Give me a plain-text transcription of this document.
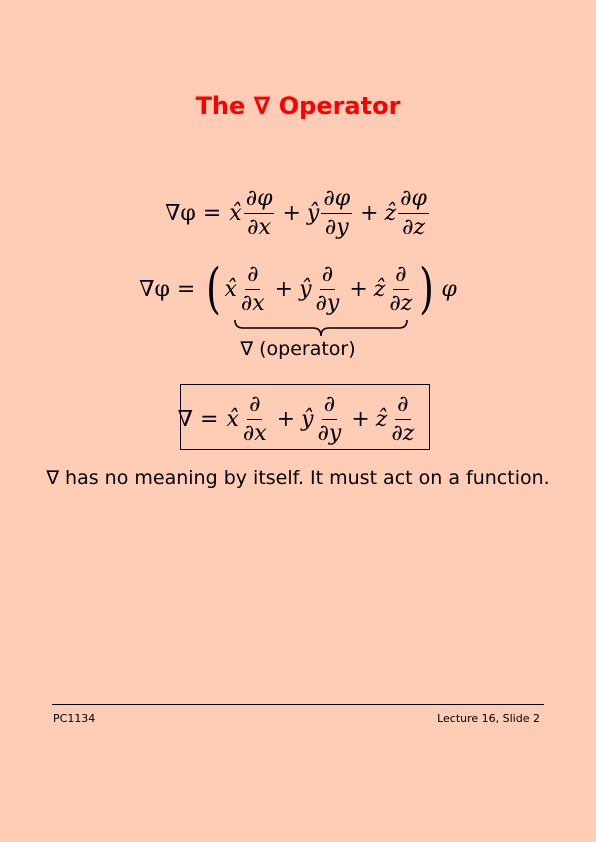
The ∇ Operator
∇φ = x̂ $\frac{\partial\varphi}{\partial x}$ + ŷ $\frac{\partial\varphi}{\partial y}$ + ẑ $\frac{\partial\varphi}{\partial z}$
∇φ = ( x̂ $\frac{\partial}{\partial x}$ + ŷ $\frac{\partial}{\partial y}$ + ẑ $\frac{\partial}{\partial z}$ ) φ
∇ (operator)
∇ = x̂ $\frac{\partial}{\partial x}$ + ŷ $\frac{\partial}{\partial y}$ + ẑ $\frac{\partial}{\partial z}$
∇ has no meaning by itself. It must act on a function.
PC1134	Lecture 16, Slide 2
